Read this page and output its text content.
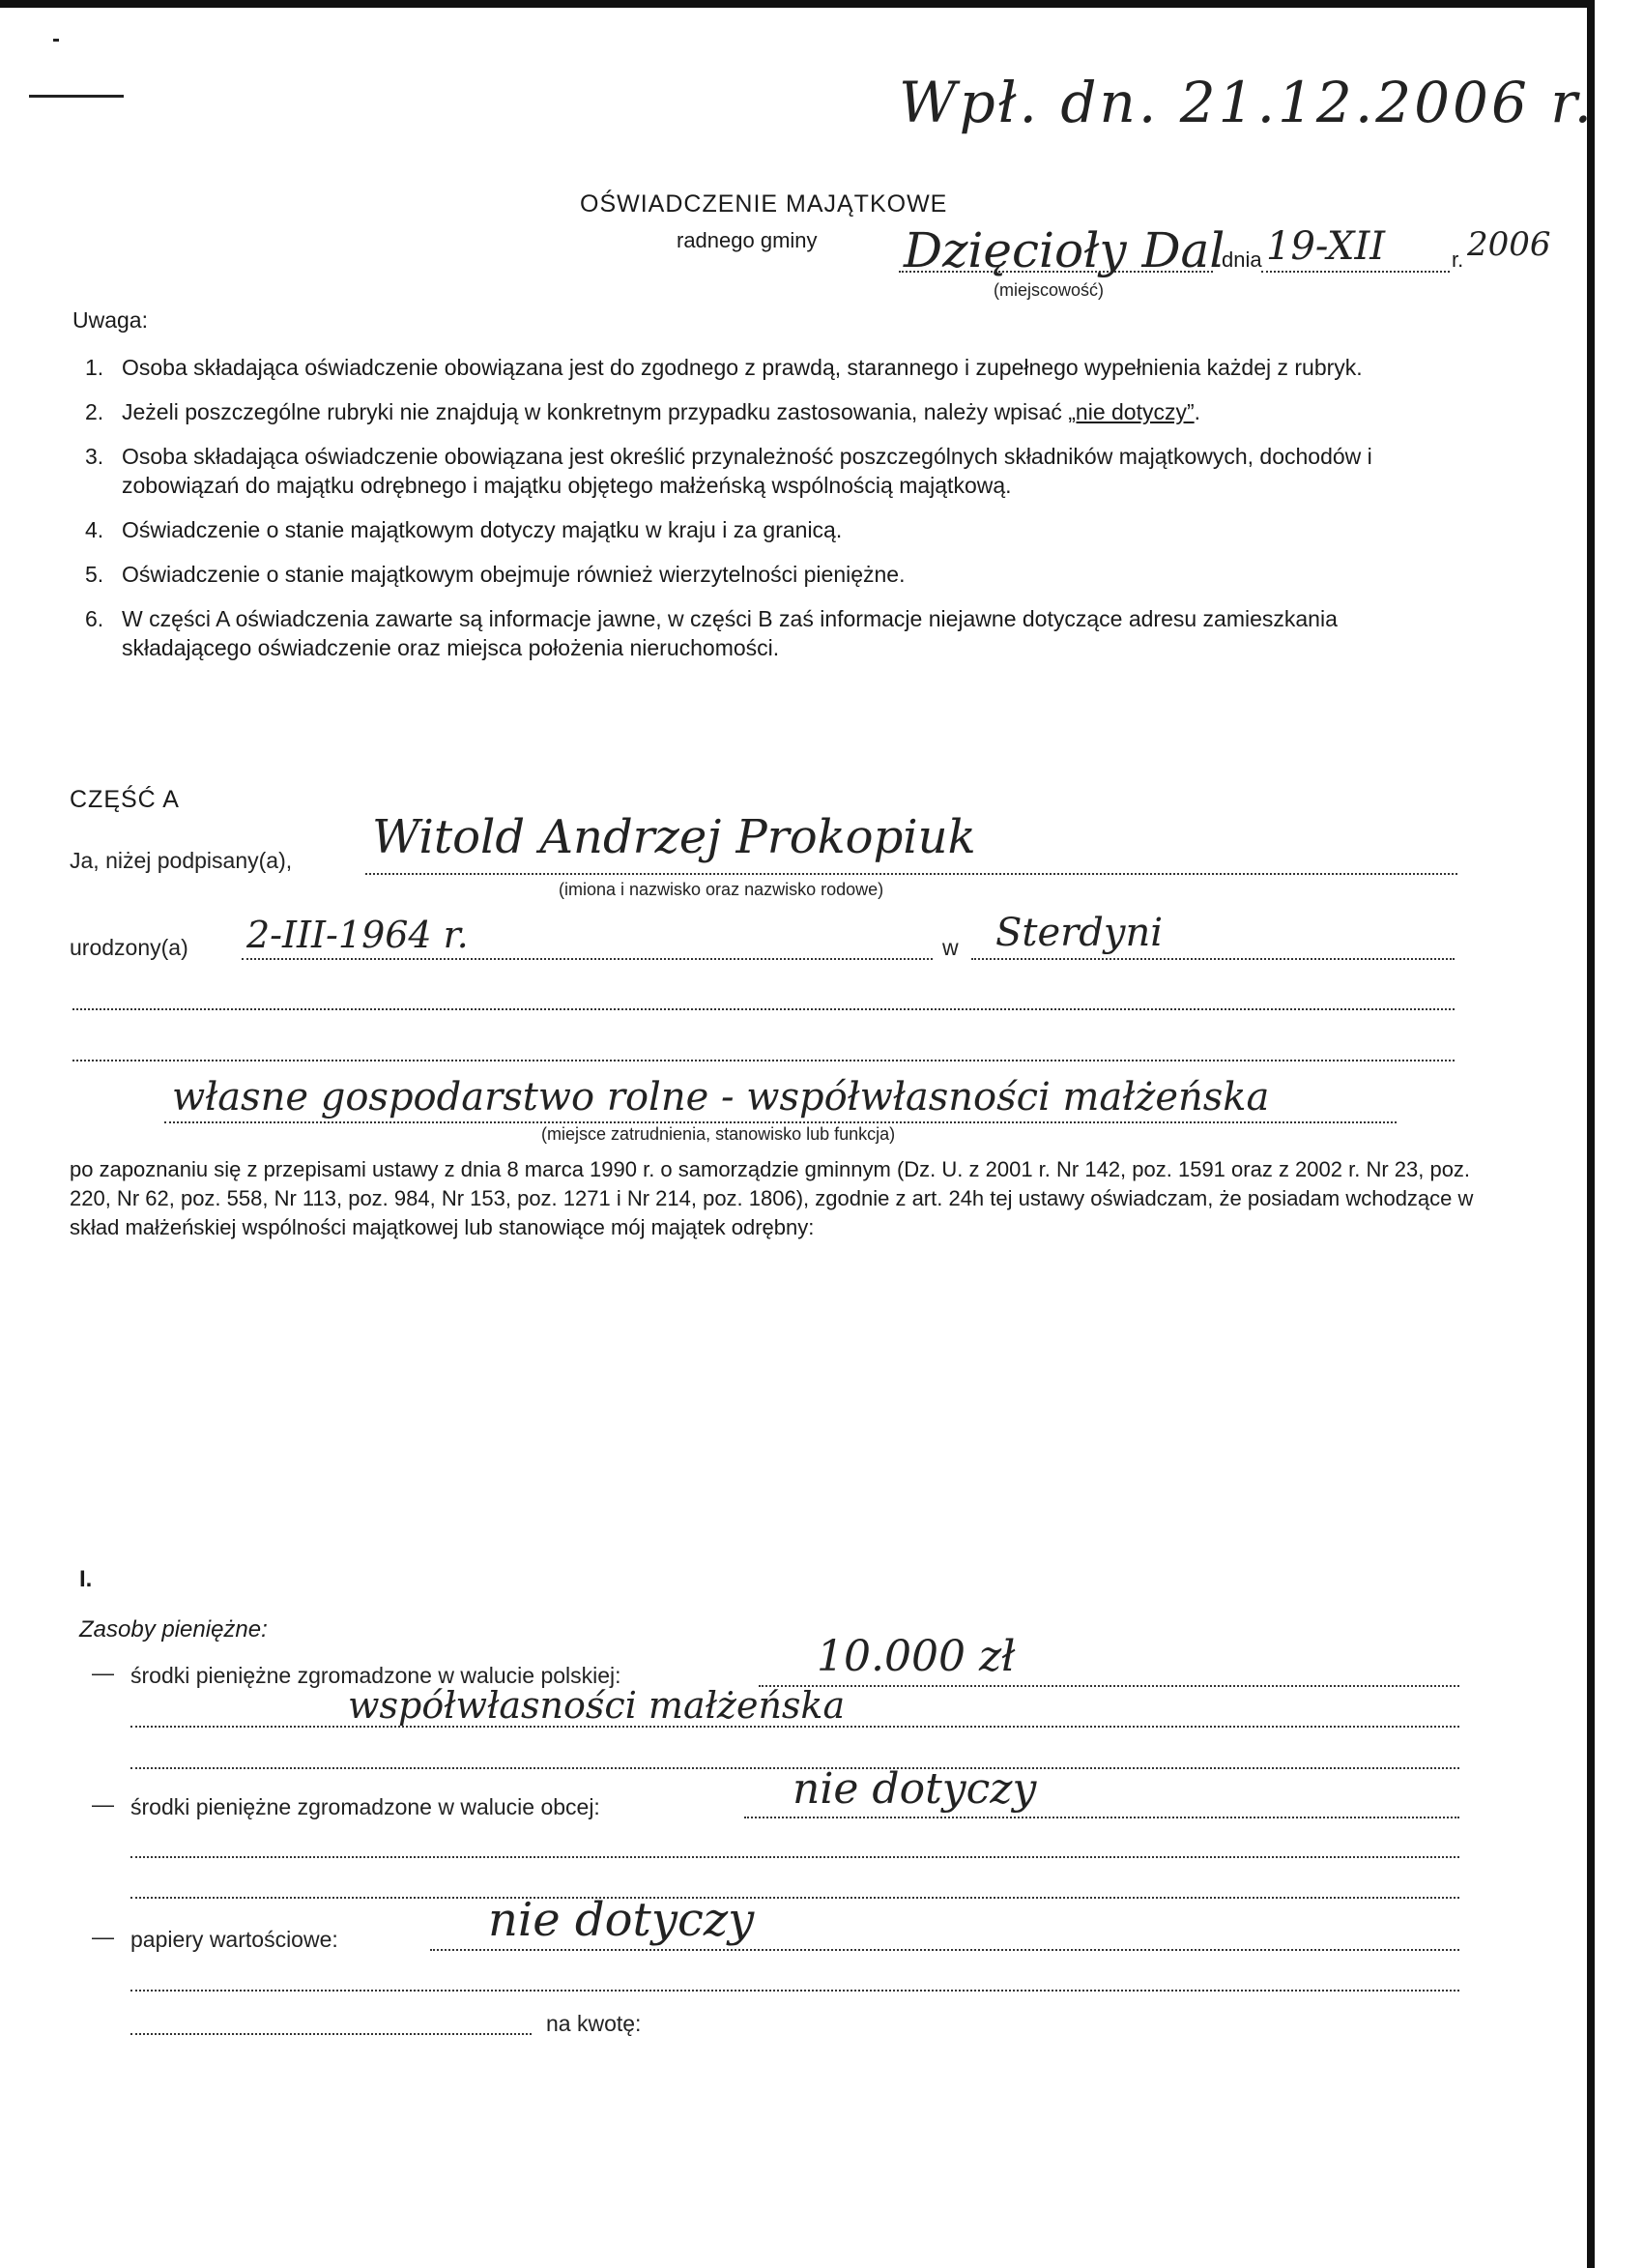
Wpł. dn. 21.12.2006 r.
OŚWIADCZENIE MAJĄTKOWE
radnego gminy Dzięcioły Dal
(miejscowość)
dnia 19-XII	r. 2006
Uwaga:
1. Osoba składająca oświadczenie obowiązana jest do zgodnego z prawdą, starannego i zupełnego wypełnienia każdej z rubryk.
2. Jeżeli poszczególne rubryki nie znajdują w konkretnym przypadku zastosowania, należy wpisać „nie dotyczy”.
3. Osoba składająca oświadczenie obowiązana jest określić przynależność poszczególnych składników majątkowych, dochodów i zobowiązań do majątku odrębnego i majątku objętego małżeńską wspólnością majątkową.
4. Oświadczenie o stanie majątkowym dotyczy majątku w kraju i za granicą.
5. Oświadczenie o stanie majątkowym obejmuje również wierzytelności pieniężne.
6. W części A oświadczenia zawarte są informacje jawne, w części B zaś informacje niejawne dotyczące adresu zamieszkania składającego oświadczenie oraz miejsca położenia nieruchomości.
CZĘŚĆ A
Ja, niżej podpisany(a), Witold Andrzej Prokopiuk
(imiona i nazwisko oraz nazwisko rodowe)
urodzony(a) 2-III-1964 r.	w Sterdyni
własne gospodarstwo rolne - współwłasności małżeńska
(miejsce zatrudnienia, stanowisko lub funkcja)

po zapoznaniu się z przepisami ustawy z dnia 8 marca 1990 r. o samorządzie gminnym (Dz. U. z 2001 r. Nr 142, poz. 1591 oraz z 2002 r. Nr 23, poz. 220, Nr 62, poz. 558, Nr 113, poz. 984, Nr 153, poz. 1271 i Nr 214, poz. 1806), zgodnie z art. 24h tej ustawy oświadczam, że posiadam wchodzące w skład małżeńskiej wspólności majątkowej lub stanowiące mój majątek odrębny:

I.
Zasoby pieniężne:
— środki pieniężne zgromadzone w walucie polskiej:	10.000 zł
współwłasności małżeńska
— środki pieniężne zgromadzone w walucie obcej:	nie dotyczy
— papiery wartościowe:	nie dotyczy
na kwotę:
